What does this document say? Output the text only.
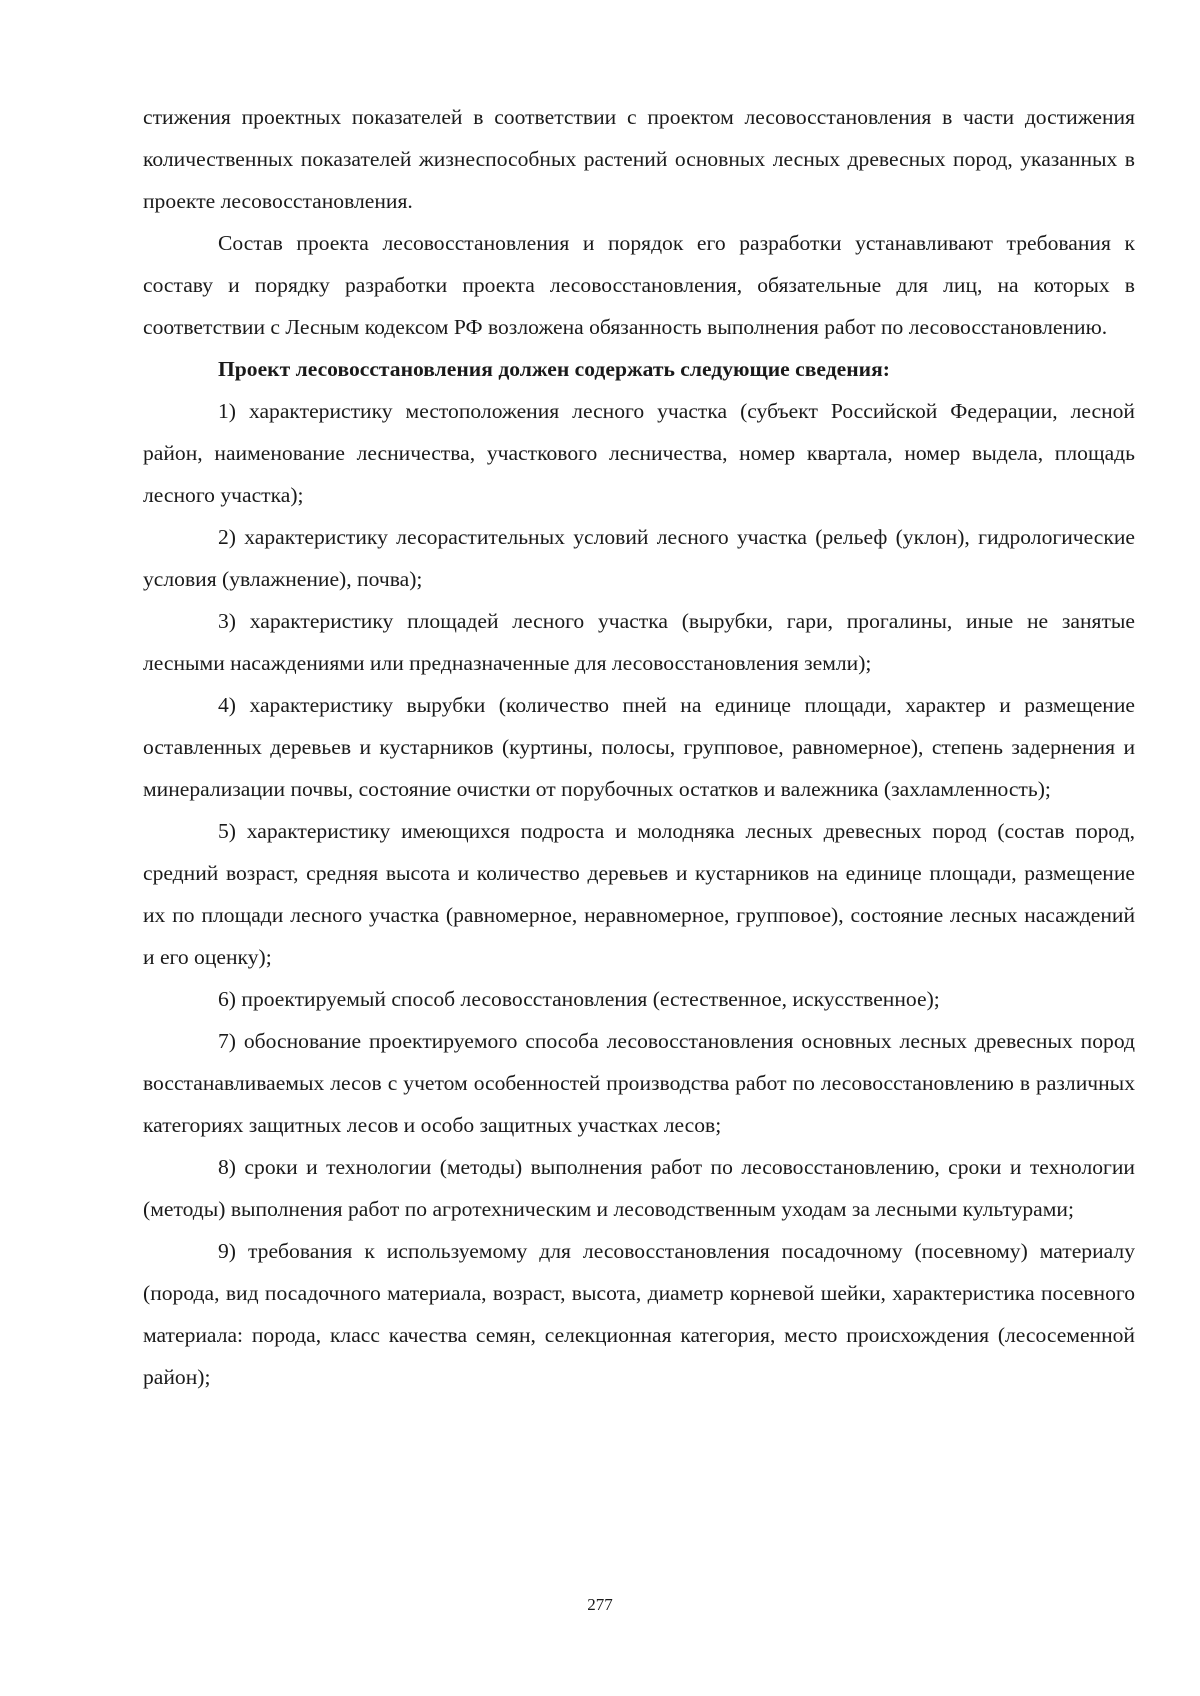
стижения проектных показателей в соответствии с проектом лесовосстановления в части достижения количественных показателей жизнеспособных растений основных лесных древесных пород, указанных в проекте лесовосстановления.

Состав проекта лесовосстановления и порядок его разработки устанавливают требования к составу и порядку разработки проекта лесовосстановления, обязательные для лиц, на которых в соответствии с Лесным кодексом РФ возложена обязанность выполнения работ по лесовосстановлению.

Проект лесовосстановления должен содержать следующие сведения:

1) характеристику местоположения лесного участка (субъект Российской Федерации, лесной район, наименование лесничества, участкового лесничества, номер квартала, номер выдела, площадь лесного участка);

2) характеристику лесорастительных условий лесного участка (рельеф (уклон), гидрологические условия (увлажнение), почва);

3) характеристику площадей лесного участка (вырубки, гари, прогалины, иные не занятые лесными насаждениями или предназначенные для лесовосстановления земли);

4) характеристику вырубки (количество пней на единице площади, характер и размещение оставленных деревьев и кустарников (куртины, полосы, групповое, равномерное), степень задернения и минерализации почвы, состояние очистки от порубочных остатков и валежника (захламленность);

5) характеристику имеющихся подроста и молодняка лесных древесных пород (состав пород, средний возраст, средняя высота и количество деревьев и кустарников на единице площади, размещение их по площади лесного участка (равномерное, неравномерное, групповое), состояние лесных насаждений и его оценку);

6) проектируемый способ лесовосстановления (естественное, искусственное);

7) обоснование проектируемого способа лесовосстановления основных лесных древесных пород восстанавливаемых лесов с учетом особенностей производства работ по лесовосстановлению в различных категориях защитных лесов и особо защитных участках лесов;

8) сроки и технологии (методы) выполнения работ по лесовосстановлению, сроки и технологии (методы) выполнения работ по агротехническим и лесоводственным уходам за лесными культурами;

9) требования к используемому для лесовосстановления посадочному (посевному) материалу (порода, вид посадочного материала, возраст, высота, диаметр корневой шейки, характеристика посевного материала: порода, класс качества семян, селекционная категория, место происхождения (лесосеменной район);

277
